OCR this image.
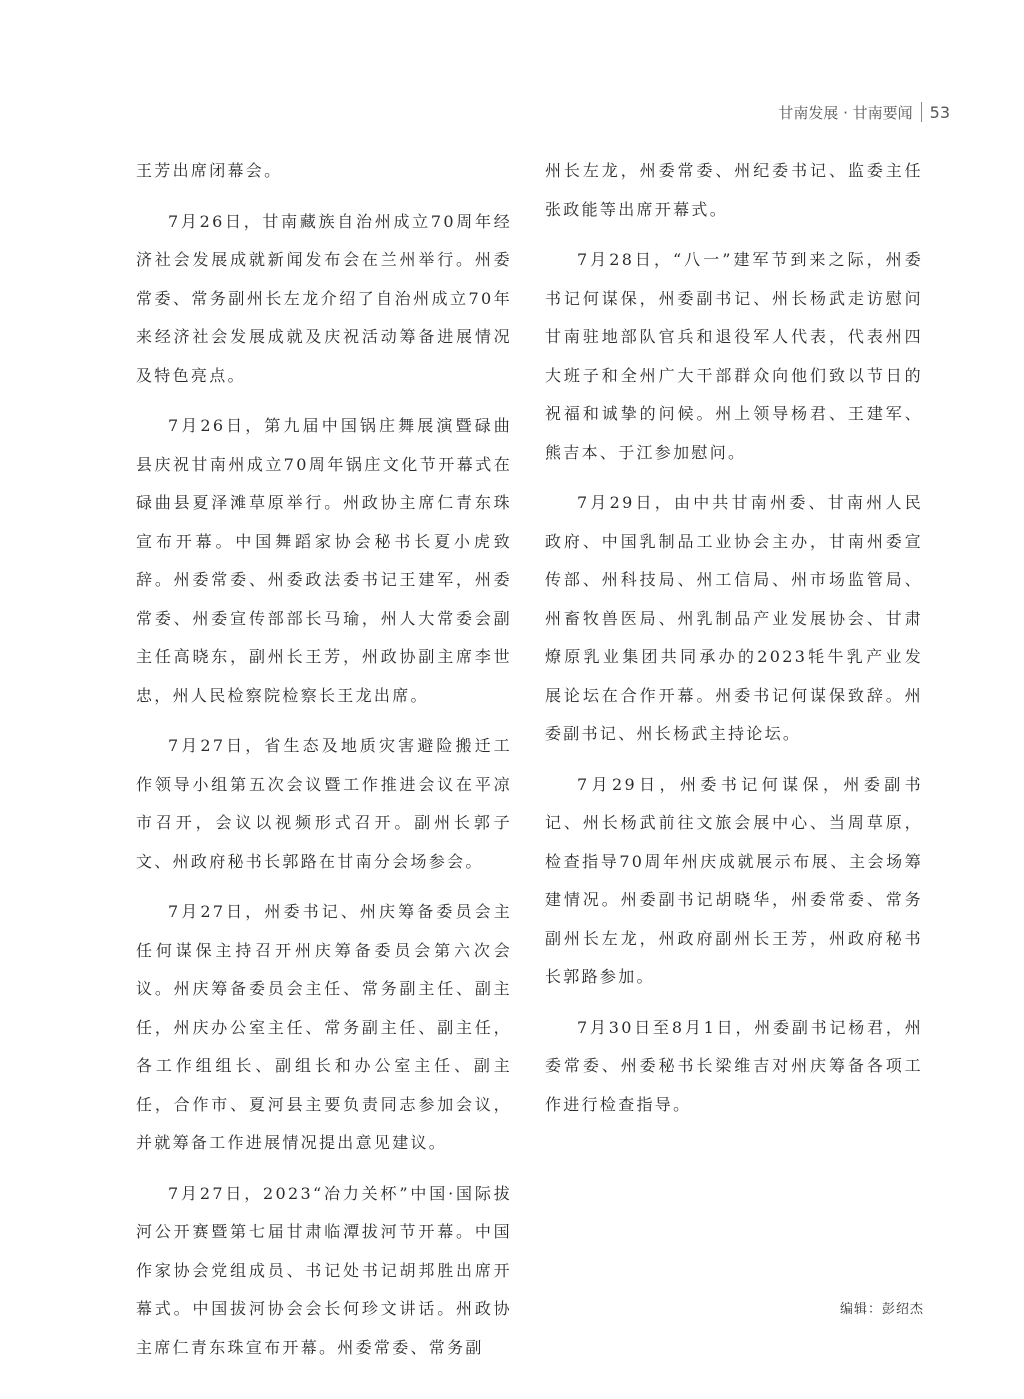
甘南发展 · 甘南要闻 53

王芳出席闭幕会。

7月26日，甘南藏族自治州成立70周年经济社会发展成就新闻发布会在兰州举行。州委常委、常务副州长左龙介绍了自治州成立70年来经济社会发展成就及庆祝活动筹备进展情况及特色亮点。

7月26日，第九届中国锅庄舞展演暨碌曲县庆祝甘南州成立70周年锅庄文化节开幕式在碌曲县夏泽滩草原举行。州政协主席仁青东珠宣布开幕。中国舞蹈家协会秘书长夏小虎致辞。州委常委、州委政法委书记王建军，州委常委、州委宣传部部长马瑜，州人大常委会副主任高晓东，副州长王芳，州政协副主席李世忠，州人民检察院检察长王龙出席。

7月27日，省生态及地质灾害避险搬迁工作领导小组第五次会议暨工作推进会议在平凉市召开，会议以视频形式召开。副州长郭子文、州政府秘书长郭路在甘南分会场参会。

7月27日，州委书记、州庆筹备委员会主任何谋保主持召开州庆筹备委员会第六次会议。州庆筹备委员会主任、常务副主任、副主任，州庆办公室主任、常务副主任、副主任，各工作组组长、副组长和办公室主任、副主任，合作市、夏河县主要负责同志参加会议，并就筹备工作进展情况提出意见建议。

7月27日，2023“冶力关杯”中国·国际拔河公开赛暨第七届甘肃临潭拔河节开幕。中国作家协会党组成员、书记处书记胡邦胜出席开幕式。中国拔河协会会长何珍文讲话。州政协主席仁青东珠宣布开幕。州委常委、常务副

州长左龙，州委常委、州纪委书记、监委主任张政能等出席开幕式。

7月28日，“八一”建军节到来之际，州委书记何谋保，州委副书记、州长杨武走访慰问甘南驻地部队官兵和退役军人代表，代表州四大班子和全州广大干部群众向他们致以节日的祝福和诚挚的问候。州上领导杨君、王建军、熊吉本、于江参加慰问。

7月29日，由中共甘南州委、甘南州人民政府、中国乳制品工业协会主办，甘南州委宣传部、州科技局、州工信局、州市场监管局、州畜牧兽医局、州乳制品产业发展协会、甘肃燎原乳业集团共同承办的2023牦牛乳产业发展论坛在合作开幕。州委书记何谋保致辞。州委副书记、州长杨武主持论坛。

7月29日，州委书记何谋保，州委副书记、州长杨武前往文旅会展中心、当周草原，检查指导70周年州庆成就展示布展、主会场筹建情况。州委副书记胡晓华，州委常委、常务副州长左龙，州政府副州长王芳，州政府秘书长郭路参加。

7月30日至8月1日，州委副书记杨君，州委常委、州委秘书长梁维吉对州庆筹备各项工作进行检查指导。

编辑：彭绍杰
